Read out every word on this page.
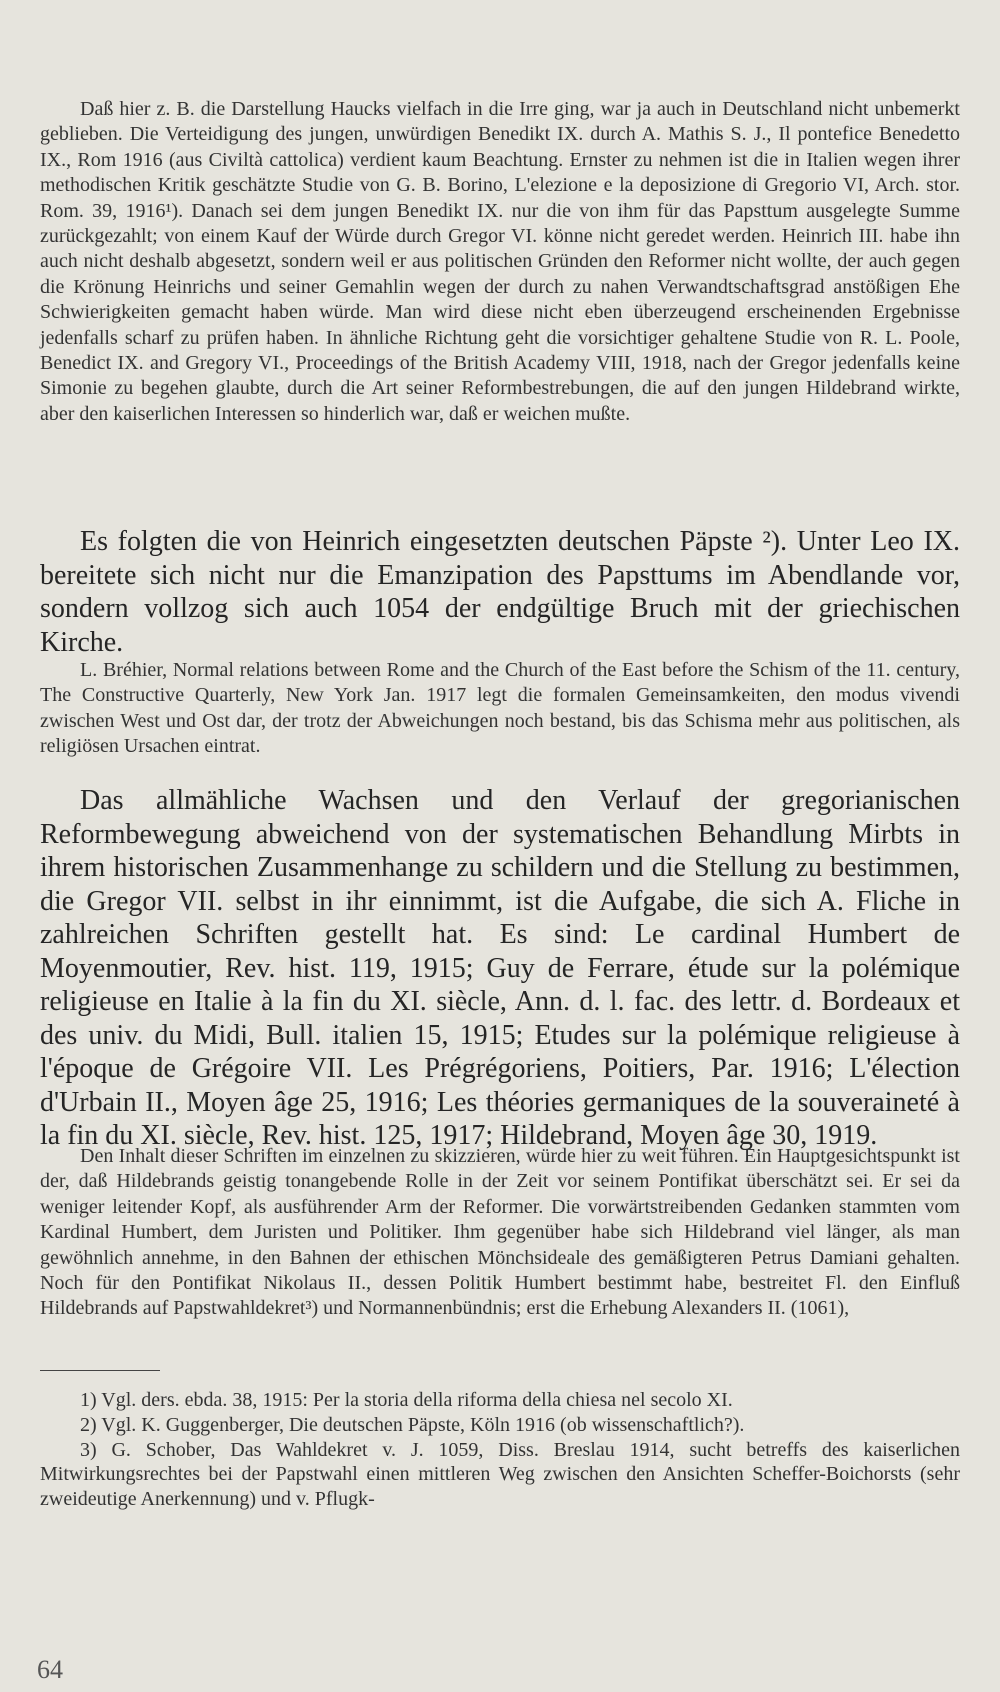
Daß hier z. B. die Darstellung Haucks vielfach in die Irre ging, war ja auch in Deutschland nicht unbemerkt geblieben. Die Verteidigung des jungen, unwürdigen Benedikt IX. durch A. Mathis S. J., Il pontefice Benedetto IX., Rom 1916 (aus Civiltà cattolica) verdient kaum Beachtung. Ernster zu nehmen ist die in Italien wegen ihrer methodischen Kritik geschätzte Studie von G. B. Borino, L'elezione e la deposizione di Gregorio VI, Arch. stor. Rom. 39, 1916¹). Danach sei dem jungen Benedikt IX. nur die von ihm für das Papsttum ausgelegte Summe zurückgezahlt; von einem Kauf der Würde durch Gregor VI. könne nicht geredet werden. Heinrich III. habe ihn auch nicht deshalb abgesetzt, sondern weil er aus politischen Gründen den Reformer nicht wollte, der auch gegen die Krönung Heinrichs und seiner Gemahlin wegen der durch zu nahen Verwandtschaftsgrad anstößigen Ehe Schwierigkeiten gemacht haben würde. Man wird diese nicht eben überzeugend erscheinenden Ergebnisse jedenfalls scharf zu prüfen haben. In ähnliche Richtung geht die vorsichtiger gehaltene Studie von R. L. Poole, Benedict IX. and Gregory VI., Proceedings of the British Academy VIII, 1918, nach der Gregor jedenfalls keine Simonie zu begehen glaubte, durch die Art seiner Reformbestrebungen, die auf den jungen Hildebrand wirkte, aber den kaiserlichen Interessen so hinderlich war, daß er weichen mußte.

Es folgten die von Heinrich eingesetzten deutschen Päpste ²). Unter Leo IX. bereitete sich nicht nur die Emanzipation des Papsttums im Abendlande vor, sondern vollzog sich auch 1054 der endgültige Bruch mit der griechischen Kirche.

L. Bréhier, Normal relations between Rome and the Church of the East before the Schism of the 11. century, The Constructive Quarterly, New York Jan. 1917 legt die formalen Gemeinsamkeiten, den modus vivendi zwischen West und Ost dar, der trotz der Abweichungen noch bestand, bis das Schisma mehr aus politischen, als religiösen Ursachen eintrat.

Das allmähliche Wachsen und den Verlauf der gregorianischen Reformbewegung abweichend von der systematischen Behandlung Mirbts in ihrem historischen Zusammenhange zu schildern und die Stellung zu bestimmen, die Gregor VII. selbst in ihr einnimmt, ist die Aufgabe, die sich A. Fliche in zahlreichen Schriften gestellt hat. Es sind: Le cardinal Humbert de Moyenmoutier, Rev. hist. 119, 1915; Guy de Ferrare, étude sur la polémique religieuse en Italie à la fin du XI. siècle, Ann. d. l. fac. des lettr. d. Bordeaux et des univ. du Midi, Bull. italien 15, 1915; Etudes sur la polémique religieuse à l'époque de Grégoire VII. Les Prégrégoriens, Poitiers, Par. 1916; L'élection d'Urbain II., Moyen âge 25, 1916; Les théories germaniques de la souveraineté à la fin du XI. siècle, Rev. hist. 125, 1917; Hildebrand, Moyen âge 30, 1919.

Den Inhalt dieser Schriften im einzelnen zu skizzieren, würde hier zu weit führen. Ein Hauptgesichtspunkt ist der, daß Hildebrands geistig tonangebende Rolle in der Zeit vor seinem Pontifikat überschätzt sei. Er sei da weniger leitender Kopf, als ausführender Arm der Reformer. Die vorwärtstreibenden Gedanken stammten vom Kardinal Humbert, dem Juristen und Politiker. Ihm gegenüber habe sich Hildebrand viel länger, als man gewöhnlich annehme, in den Bahnen der ethischen Mönchsideale des gemäßigteren Petrus Damiani gehalten. Noch für den Pontifikat Nikolaus II., dessen Politik Humbert bestimmt habe, bestreitet Fl. den Einfluß Hildebrands auf Papstwahldekret³) und Normannenbündnis; erst die Erhebung Alexanders II. (1061),

1) Vgl. ders. ebda. 38, 1915: Per la storia della riforma della chiesa nel secolo XI.

2) Vgl. K. Guggenberger, Die deutschen Päpste, Köln 1916 (ob wissenschaftlich?).

3) G. Schober, Das Wahldekret v. J. 1059, Diss. Breslau 1914, sucht betreffs des kaiserlichen Mitwirkungsrechtes bei der Papstwahl einen mittleren Weg zwischen den Ansichten Scheffer-Boichorsts (sehr zweideutige Anerkennung) und v. Pflugk-

64
